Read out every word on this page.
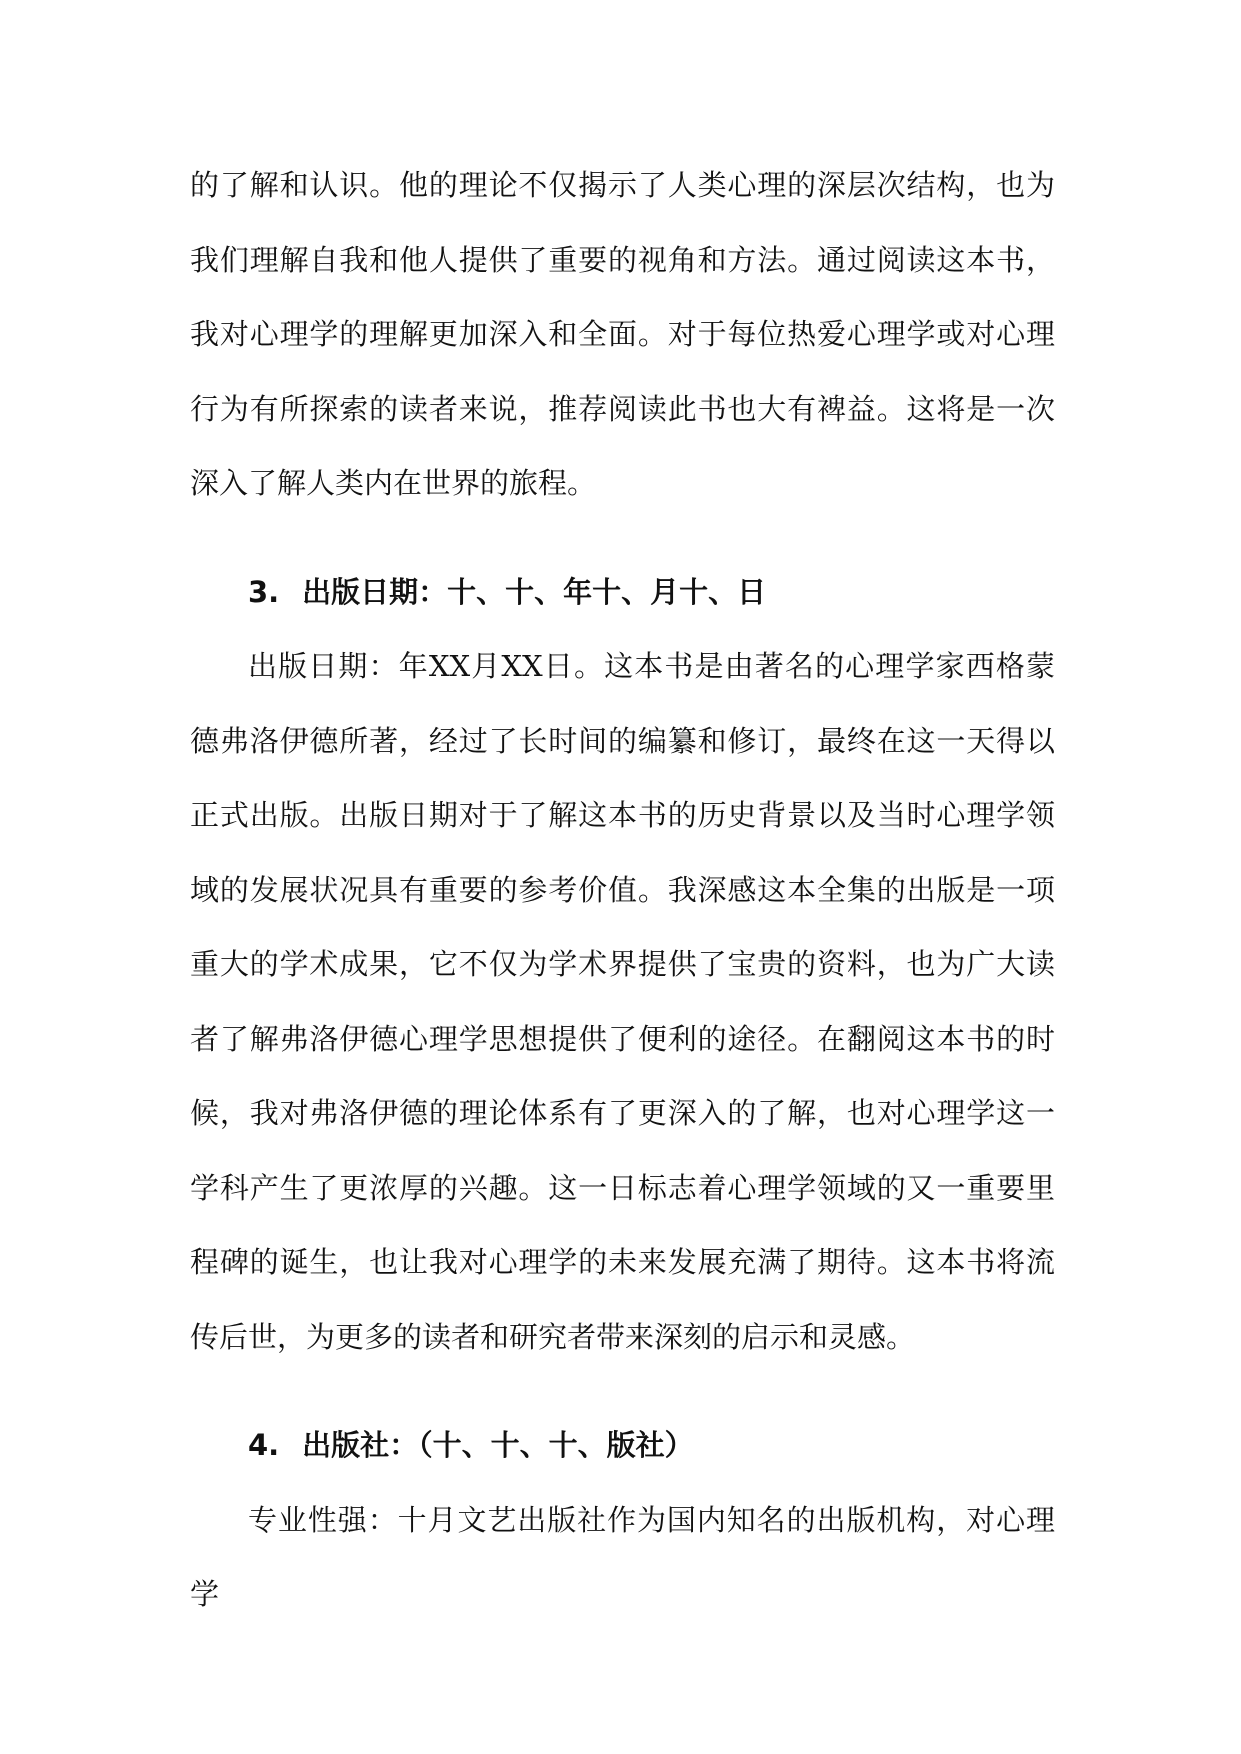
的了解和认识。他的理论不仅揭示了人类心理的深层次结构，也为我们理解自我和他人提供了重要的视角和方法。通过阅读这本书，我对心理学的理解更加深入和全面。对于每位热爱心理学或对心理行为有所探索的读者来说，推荐阅读此书也大有裨益。这将是一次深入了解人类内在世界的旅程。

3. 出版日期：十、十、年十、月十、日

出版日期：年XX月XX日。这本书是由著名的心理学家西格蒙德弗洛伊德所著，经过了长时间的编纂和修订，最终在这一天得以正式出版。出版日期对于了解这本书的历史背景以及当时心理学领域的发展状况具有重要的参考价值。我深感这本全集的出版是一项重大的学术成果，它不仅为学术界提供了宝贵的资料，也为广大读者了解弗洛伊德心理学思想提供了便利的途径。在翻阅这本书的时候，我对弗洛伊德的理论体系有了更深入的了解，也对心理学这一学科产生了更浓厚的兴趣。这一日标志着心理学领域的又一重要里程碑的诞生，也让我对心理学的未来发展充满了期待。这本书将流传后世，为更多的读者和研究者带来深刻的启示和灵感。

4. 出版社：（十、十、十、版社）

专业性强：十月文艺出版社作为国内知名的出版机构，对心理学
